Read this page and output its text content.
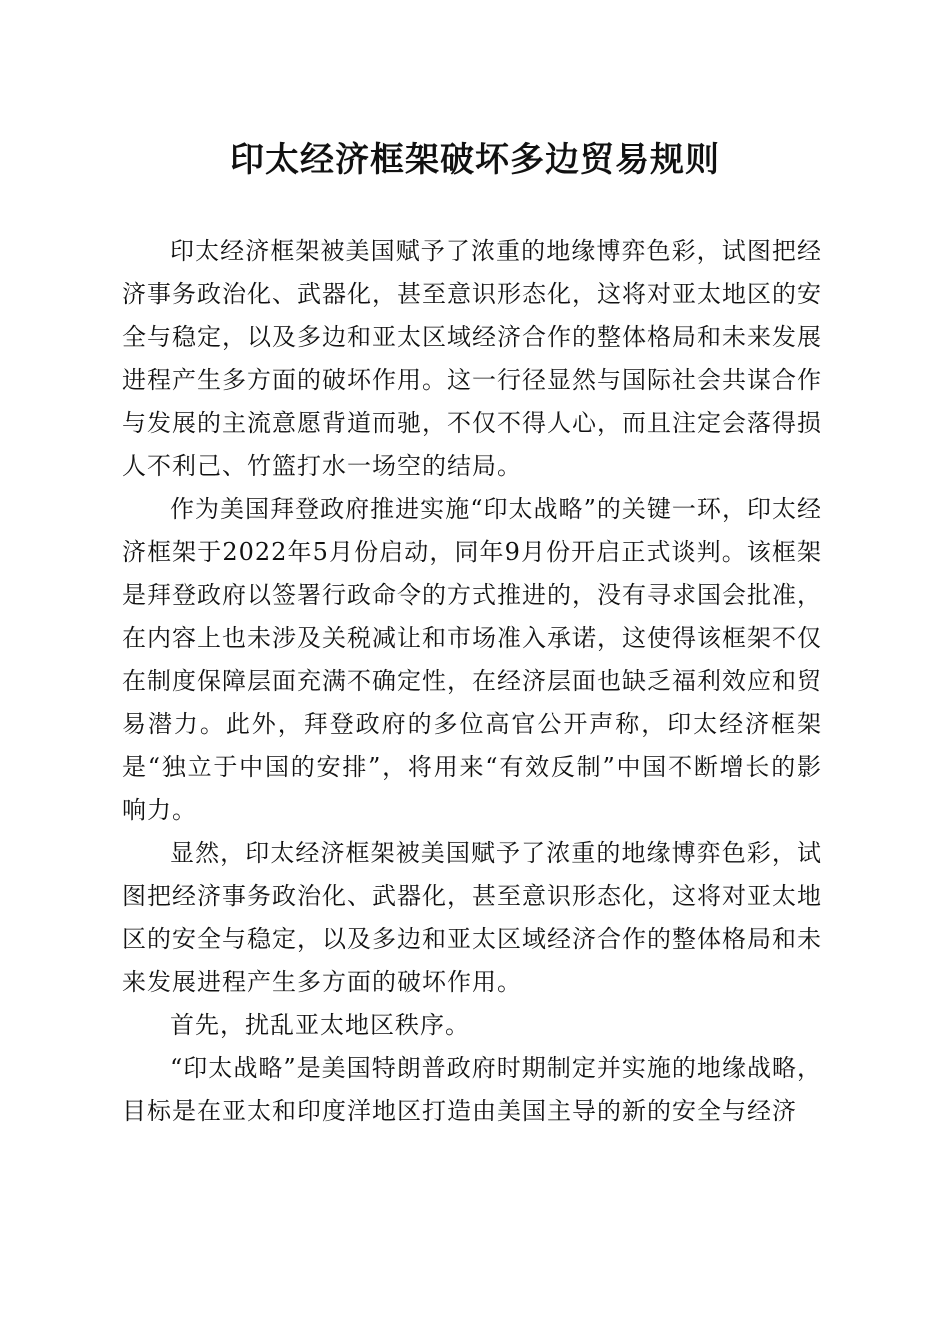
印太经济框架破坏多边贸易规则

印太经济框架被美国赋予了浓重的地缘博弈色彩，试图把经济事务政治化、武器化，甚至意识形态化，这将对亚太地区的安全与稳定，以及多边和亚太区域经济合作的整体格局和未来发展进程产生多方面的破坏作用。这一行径显然与国际社会共谋合作与发展的主流意愿背道而驰，不仅不得人心，而且注定会落得损人不利己、竹篮打水一场空的结局。

作为美国拜登政府推进实施“印太战略”的关键一环，印太经济框架于2022年5月份启动，同年9月份开启正式谈判。该框架是拜登政府以签署行政命令的方式推进的，没有寻求国会批准，在内容上也未涉及关税减让和市场准入承诺，这使得该框架不仅在制度保障层面充满不确定性，在经济层面也缺乏福利效应和贸易潜力。此外，拜登政府的多位高官公开声称，印太经济框架是“独立于中国的安排”，将用来“有效反制”中国不断增长的影响力。

显然，印太经济框架被美国赋予了浓重的地缘博弈色彩，试图把经济事务政治化、武器化，甚至意识形态化，这将对亚太地区的安全与稳定，以及多边和亚太区域经济合作的整体格局和未来发展进程产生多方面的破坏作用。

首先，扰乱亚太地区秩序。

“印太战略”是美国特朗普政府时期制定并实施的地缘战略，目标是在亚太和印度洋地区打造由美国主导的新的安全与经济
